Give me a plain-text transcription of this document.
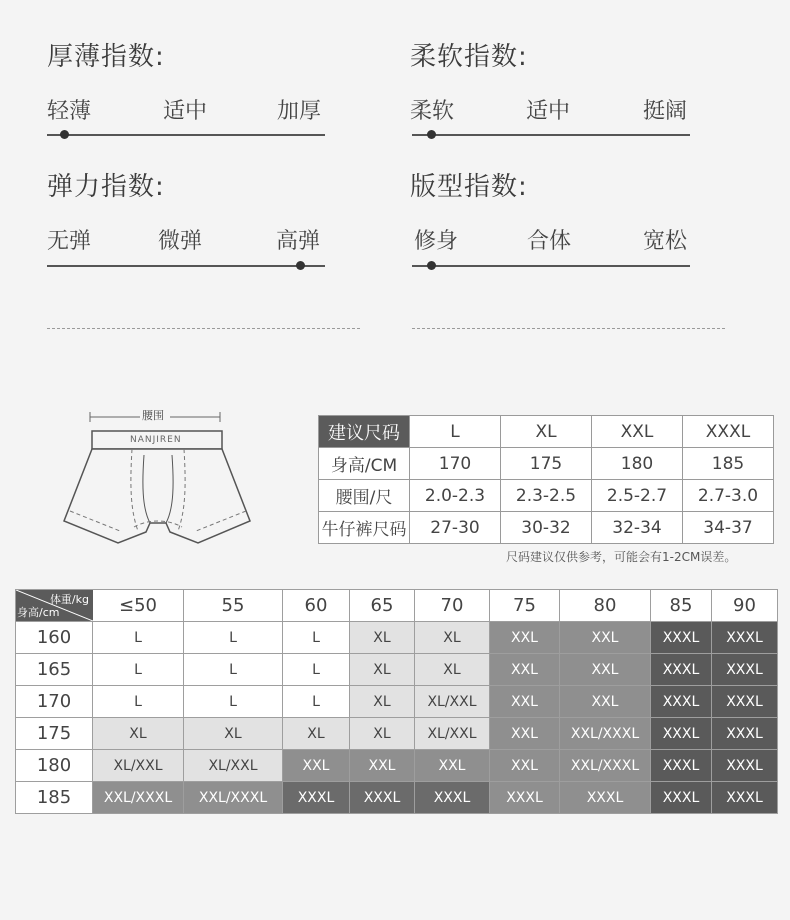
厚薄指数:
轻薄	适中	加厚
柔软指数:
柔软	适中	挺阔
弹力指数:
无弹	微弹	高弹
版型指数:
修身	合体	宽松
腰围
NANJIREN	建议尺码	L	XL	XXL	XXXL
身高/CM	170	175	180	185
腰围/尺	2.0-2.3	2.3-2.5	2.5-2.7	2.7-3.0
牛仔裤尺码	27-30	30-32	32-34	34-37
尺码建议仅供参考，可能会有1-2CM误差。
体重/kg
身高/cm	≤50	55	60	65	70	75	80	85	90
160	L	L	L	XL	XL	XXL	XXL	XXXL	XXXL
165	L	L	L	XL	XL	XXL	XXL	XXXL	XXXL
170	L	L	L	XL	XL/XXL	XXL	XXL	XXXL	XXXL
175	XL	XL	XL	XL	XL/XXL	XXL	XXL/XXXL	XXXL	XXXL
180	XL/XXL	XL/XXL	XXL	XXL	XXL	XXL	XXL/XXXL	XXXL	XXXL
185	XXL/XXXL	XXL/XXXL	XXXL	XXXL	XXXL	XXXL	XXXL	XXXL	XXXL
